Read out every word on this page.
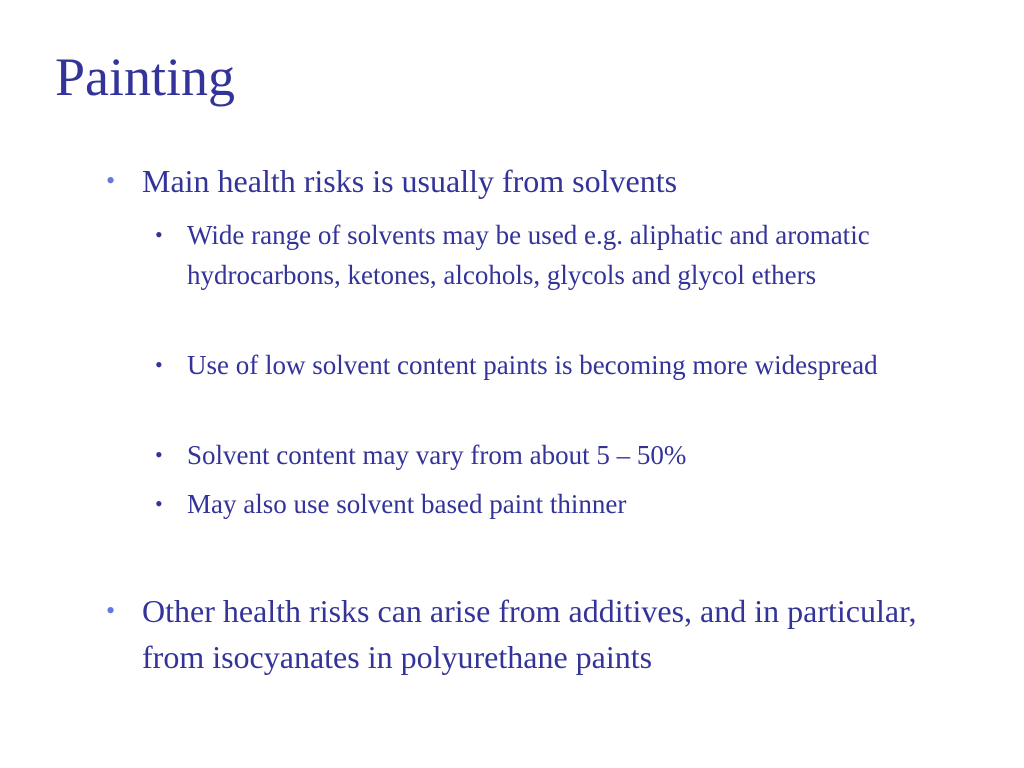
Painting
• Main health risks is usually from solvents
• Wide range of solvents may be used e.g. aliphatic and aromatic hydrocarbons, ketones, alcohols, glycols and glycol ethers
• Use of low solvent content paints is becoming more widespread
• Solvent content may vary from about 5 – 50%
• May also use solvent based paint thinner
• Other health risks can arise from additives, and in particular, from isocyanates in polyurethane paints
